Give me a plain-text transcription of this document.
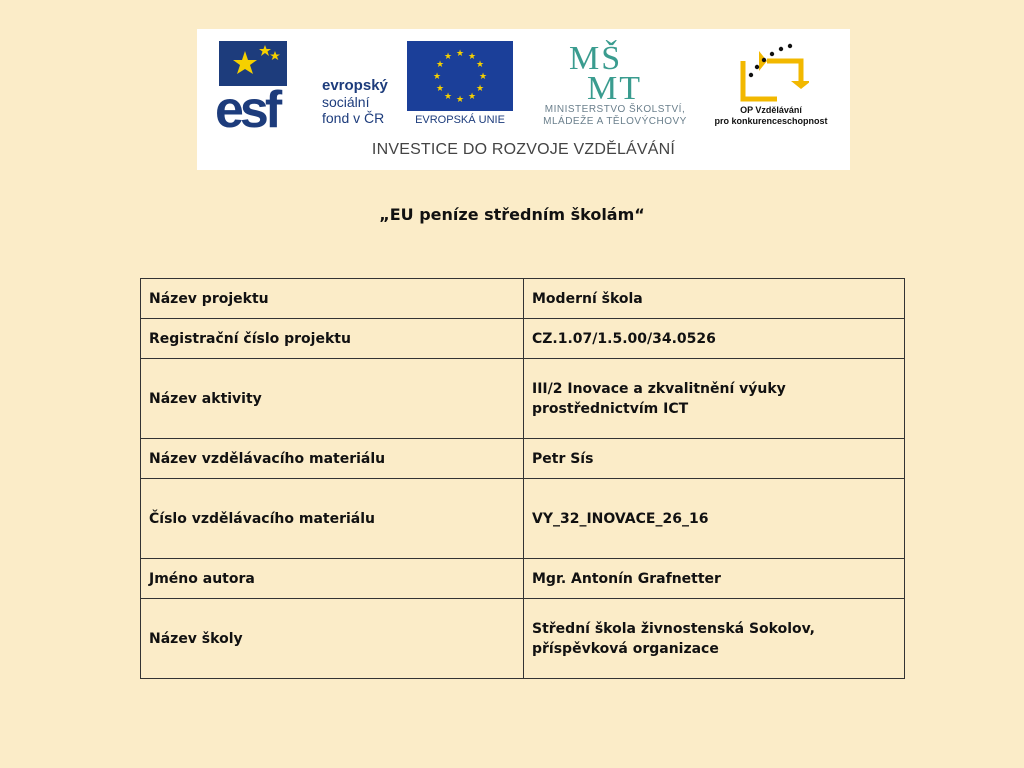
esf	evropský
sociální
fond v ČR
★ ★
★
★
★
★
★
★
★
★
★
★
EVROPSKÁ UNIE
MŠ
MT
MINISTERSTVO ŠKOLSTVÍ,
MLÁDEŽE A TĚLOVÝCHOVY
OP Vzdělávání
pro konkurenceschopnost
INVESTICE DO ROZVOJE VZDĚLÁVÁNÍ
„EU peníze středním školám“
Název projektu	Moderní škola
Registrační číslo projektu	CZ.1.07/1.5.00/34.0526
Název aktivity	III/2 Inovace a zkvalitnění výuky prostřednictvím ICT
Název vzdělávacího materiálu	Petr Sís
Číslo vzdělávacího materiálu	VY_32_INOVACE_26_16
Jméno autora	Mgr. Antonín Grafnetter
Název školy	Střední škola živnostenská Sokolov, příspěvková organizace
